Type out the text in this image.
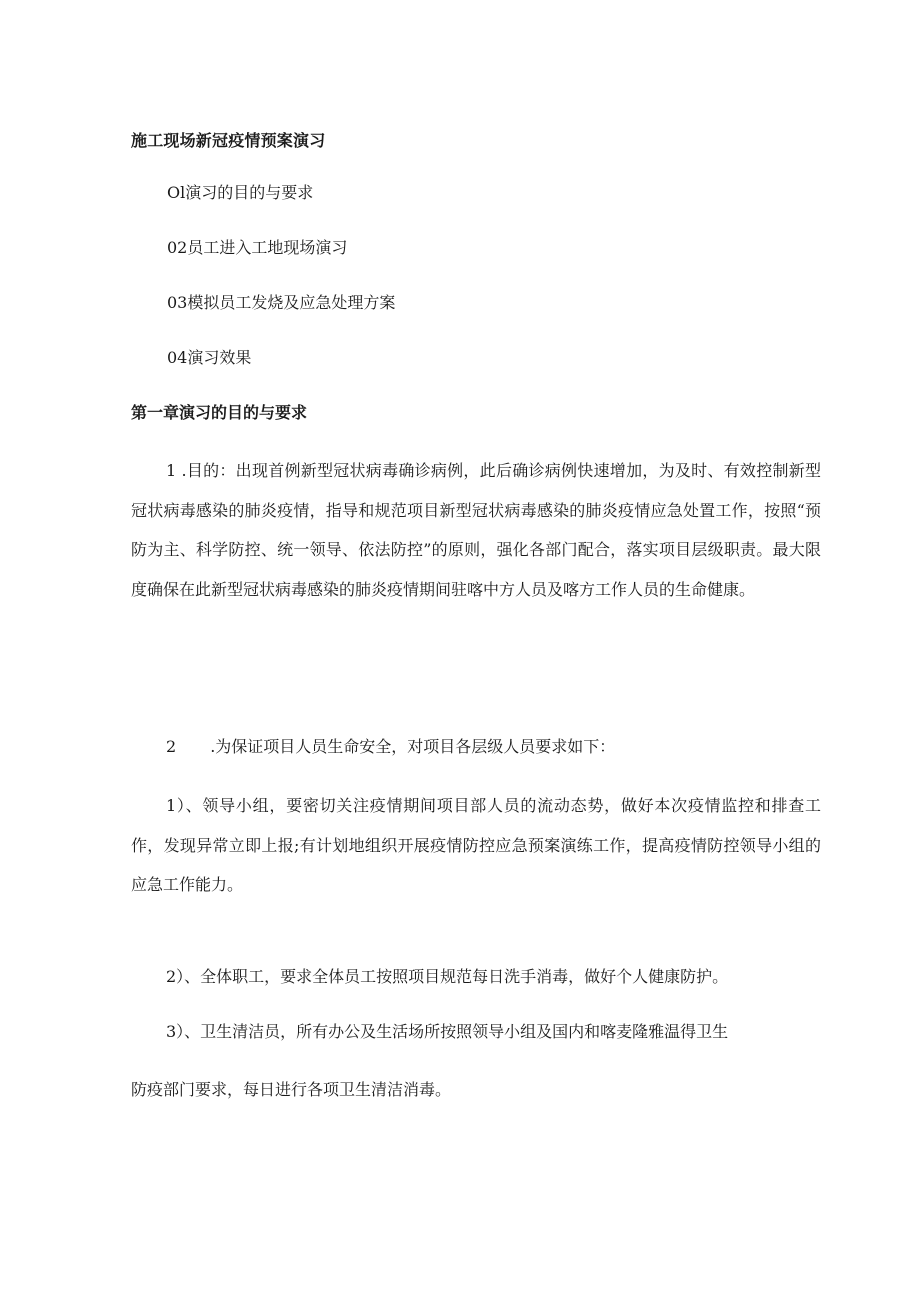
施工现场新冠疫情预案演习
Ol演习的目的与要求
02员工进入工地现场演习
03模拟员工发烧及应急处理方案
04演习效果
第一章演习的目的与要求

1 .目的：出现首例新型冠状病毒确诊病例，此后确诊病例快速增加，为及时、有效控制新型冠状病毒感染的肺炎疫情，指导和规范项目新型冠状病毒感染的肺炎疫情应急处置工作，按照“预防为主、科学防控、统一领导、依法防控”的原则，强化各部门配合，落实项目层级职责。最大限度确保在此新型冠状病毒感染的肺炎疫情期间驻喀中方人员及喀方工作人员的生命健康。

2 .为保证项目人员生命安全，对项目各层级人员要求如下：

1）、领导小组，要密切关注疫情期间项目部人员的流动态势，做好本次疫情监控和排查工作，发现异常立即上报;有计划地组织开展疫情防控应急预案演练工作，提高疫情防控领导小组的应急工作能力。

2）、全体职工，要求全体员工按照项目规范每日洗手消毒，做好个人健康防护。

3）、卫生清洁员，所有办公及生活场所按照领导小组及国内和喀麦隆雅温得卫生

防疫部门要求，每日进行各项卫生清洁消毒。
